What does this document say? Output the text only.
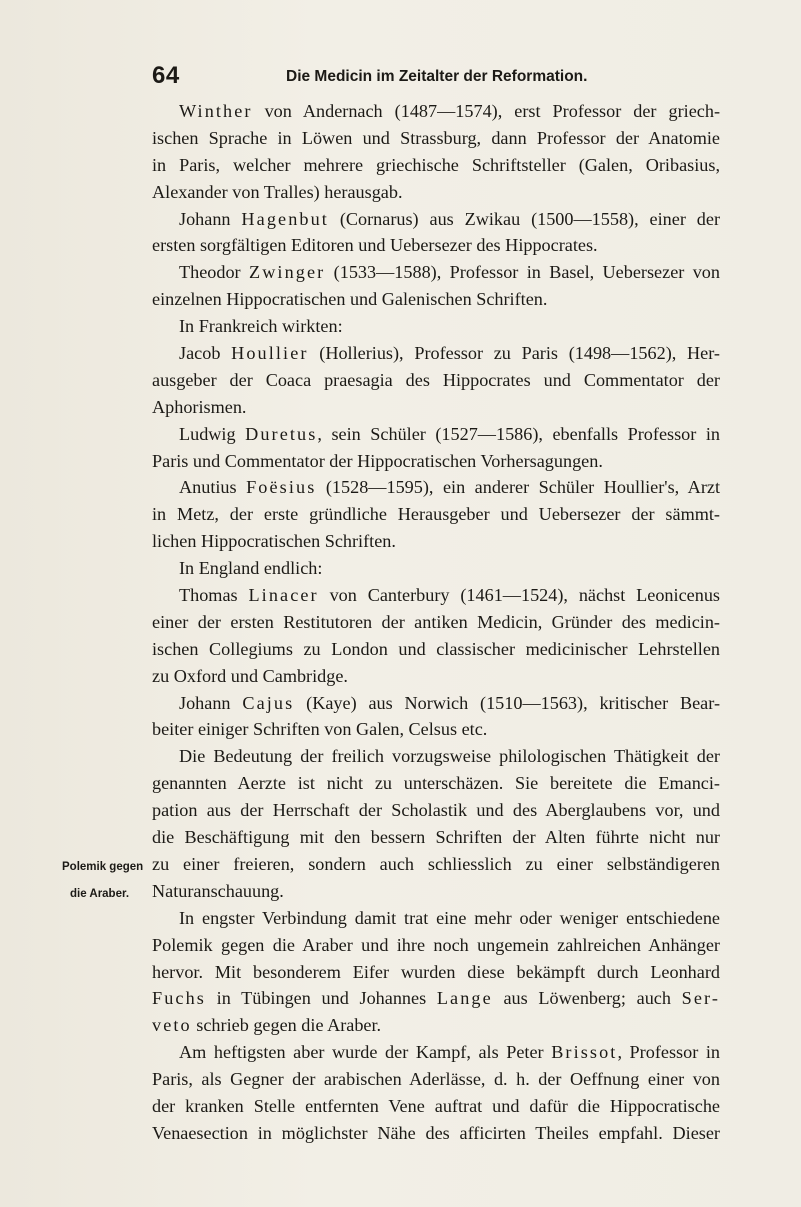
64	Die Medicin im Zeitalter der Reformation.
Polemik gegen
die Araber.
Winther von Andernach (1487—1574), erst Professor der griech-
ischen Sprache in Löwen und Strassburg, dann Professor der Anatomie
in Paris, welcher mehrere griechische Schriftsteller (Galen, Oribasius,
Alexander von Tralles) herausgab.
Johann Hagenbut (Cornarus) aus Zwikau (1500—1558), einer der
ersten sorgfältigen Editoren und Uebersezer des Hippocrates.
Theodor Zwinger (1533—1588), Professor in Basel, Uebersezer von
einzelnen Hippocratischen und Galenischen Schriften.
In Frankreich wirkten:
Jacob Houllier (Hollerius), Professor zu Paris (1498—1562), Her-
ausgeber der Coaca praesagia des Hippocrates und Commentator der
Aphorismen.
Ludwig Duretus, sein Schüler (1527—1586), ebenfalls Professor in
Paris und Commentator der Hippocratischen Vorhersagungen.
Anutius Foësius (1528—1595), ein anderer Schüler Houllier's, Arzt
in Metz, der erste gründliche Herausgeber und Uebersezer der sämmt-
lichen Hippocratischen Schriften.
In England endlich:
Thomas Linacer von Canterbury (1461—1524), nächst Leonicenus
einer der ersten Restitutoren der antiken Medicin, Gründer des medicin-
ischen Collegiums zu London und classischer medicinischer Lehrstellen
zu Oxford und Cambridge.
Johann Cajus (Kaye) aus Norwich (1510—1563), kritischer Bear-
beiter einiger Schriften von Galen, Celsus etc.
Die Bedeutung der freilich vorzugsweise philologischen Thätigkeit der
genannten Aerzte ist nicht zu unterschäzen. Sie bereitete die Emanci-
pation aus der Herrschaft der Scholastik und des Aberglaubens vor, und
die Beschäftigung mit den bessern Schriften der Alten führte nicht nur
zu einer freieren, sondern auch schliesslich zu einer selbständigeren
Naturanschauung.
In engster Verbindung damit trat eine mehr oder weniger entschiedene
Polemik gegen die Araber und ihre noch ungemein zahlreichen Anhänger
hervor. Mit besonderem Eifer wurden diese bekämpft durch Leonhard
Fuchs in Tübingen und Johannes Lange aus Löwenberg; auch Ser-
veto schrieb gegen die Araber.
Am heftigsten aber wurde der Kampf, als Peter Brissot, Professor in
Paris, als Gegner der arabischen Aderlässe, d. h. der Oeffnung einer von
der kranken Stelle entfernten Vene auftrat und dafür die Hippocratische
Venaesection in möglichster Nähe des afficirten Theiles empfahl. Dieser
